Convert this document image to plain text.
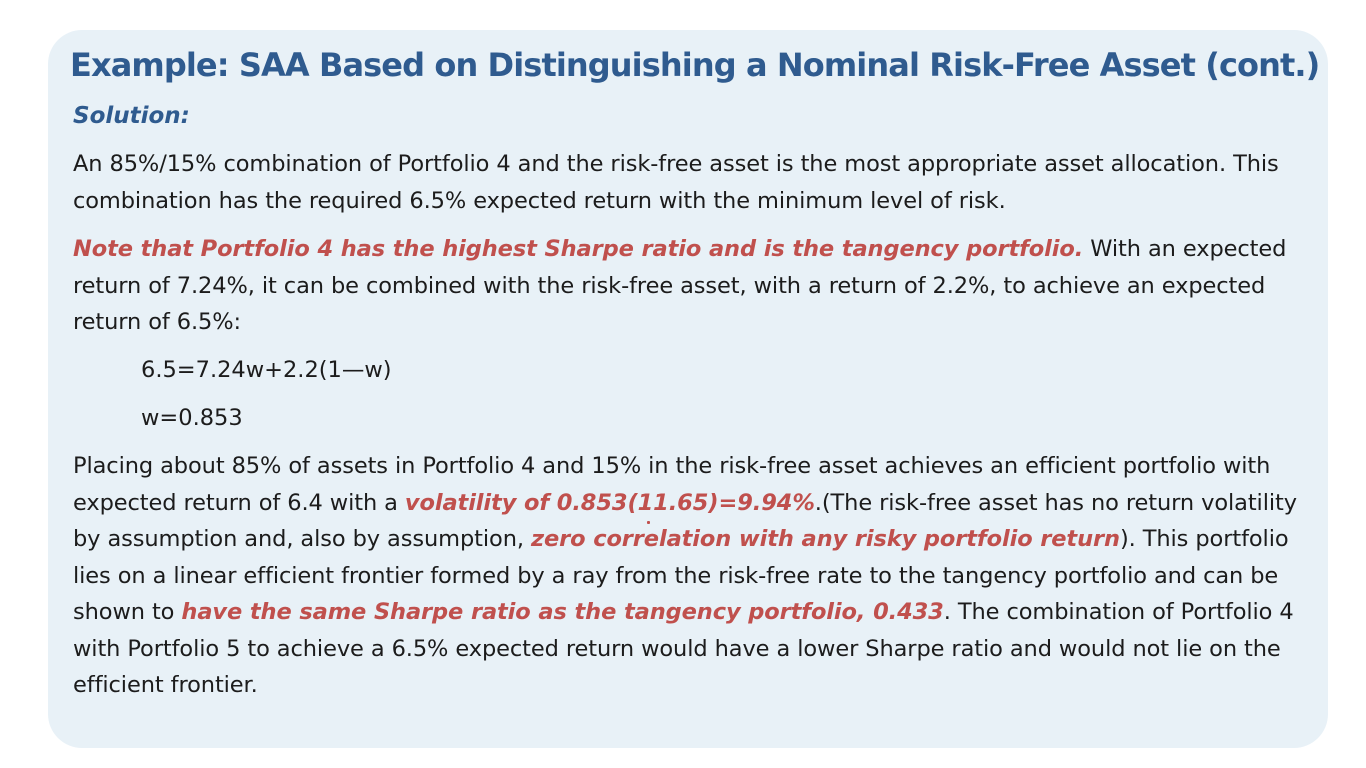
Example: SAA Based on Distinguishing a Nominal Risk-Free Asset (cont.)

Solution:

An 85%/15% combination of Portfolio 4 and the risk-free asset is the most appropriate asset allocation. This combination has the required 6.5% expected return with the minimum level of risk.

Note that Portfolio 4 has the highest Sharpe ratio and is the tangency portfolio. With an expected return of 7.24%, it can be combined with the risk-free asset, with a return of 2.2%, to achieve an expected return of 6.5%:

6.5=7.24w+2.2(1—w)

w=0.853

Placing about 85% of assets in Portfolio 4 and 15% in the risk-free asset achieves an efficient portfolio with expected return of 6.4 with a volatility of 0.853(11.65)=9.94%.(The risk-free asset has no return volatility by assumption and, also by assumption, zero correlation with any risky portfolio return). This portfolio lies on a linear efficient frontier formed by a ray from the risk-free rate to the tangency portfolio and can be shown to have the same Sharpe ratio as the tangency portfolio, 0.433. The combination of Portfolio 4 with Portfolio 5 to achieve a 6.5% expected return would have a lower Sharpe ratio and would not lie on the efficient frontier.
